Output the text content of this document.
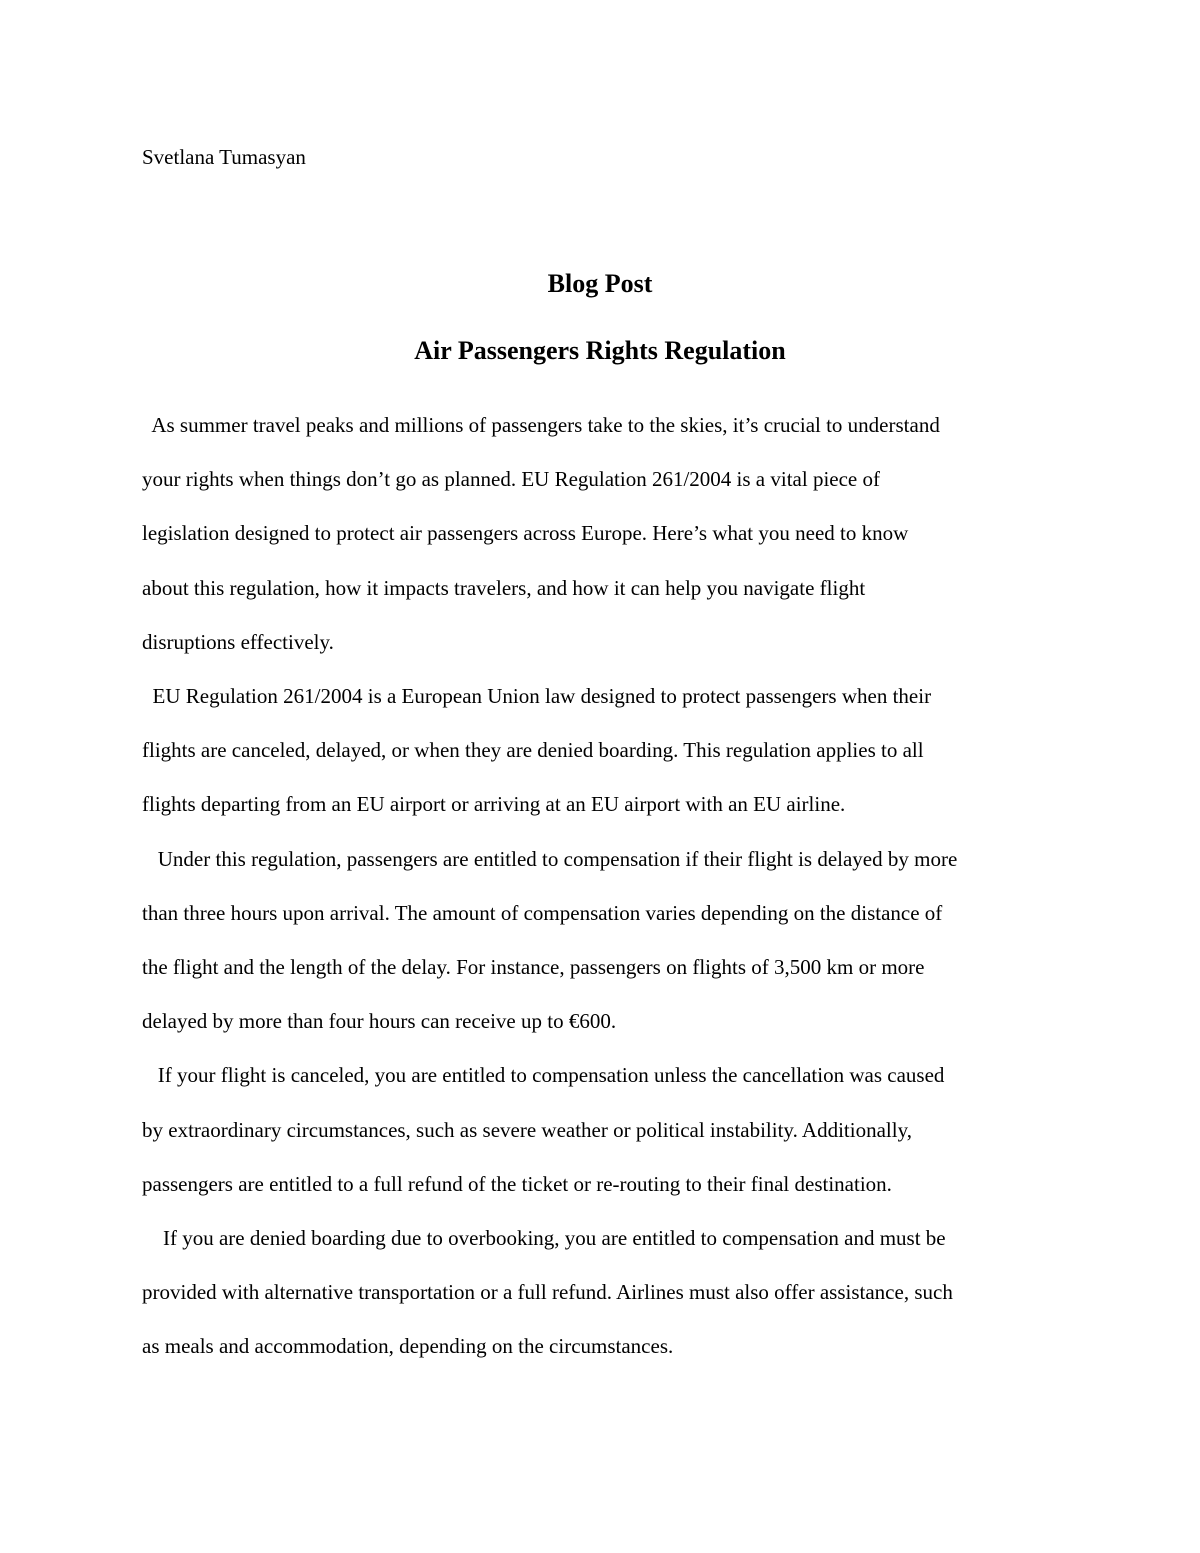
Svetlana Tumasyan
Blog Post
Air Passengers Rights Regulation

As summer travel peaks and millions of passengers take to the skies, it’s crucial to understand
your rights when things don’t go as planned. EU Regulation 261/2004 is a vital piece of
legislation designed to protect air passengers across Europe. Here’s what you need to know
about this regulation, how it impacts travelers, and how it can help you navigate flight
disruptions effectively.

EU Regulation 261/2004 is a European Union law designed to protect passengers when their
flights are canceled, delayed, or when they are denied boarding. This regulation applies to all
flights departing from an EU airport or arriving at an EU airport with an EU airline.

Under this regulation, passengers are entitled to compensation if their flight is delayed by more
than three hours upon arrival. The amount of compensation varies depending on the distance of
the flight and the length of the delay. For instance, passengers on flights of 3,500 km or more
delayed by more than four hours can receive up to €600.

If your flight is canceled, you are entitled to compensation unless the cancellation was caused
by extraordinary circumstances, such as severe weather or political instability. Additionally,
passengers are entitled to a full refund of the ticket or re-routing to their final destination.

If you are denied boarding due to overbooking, you are entitled to compensation and must be
provided with alternative transportation or a full refund. Airlines must also offer assistance, such
as meals and accommodation, depending on the circumstances.
